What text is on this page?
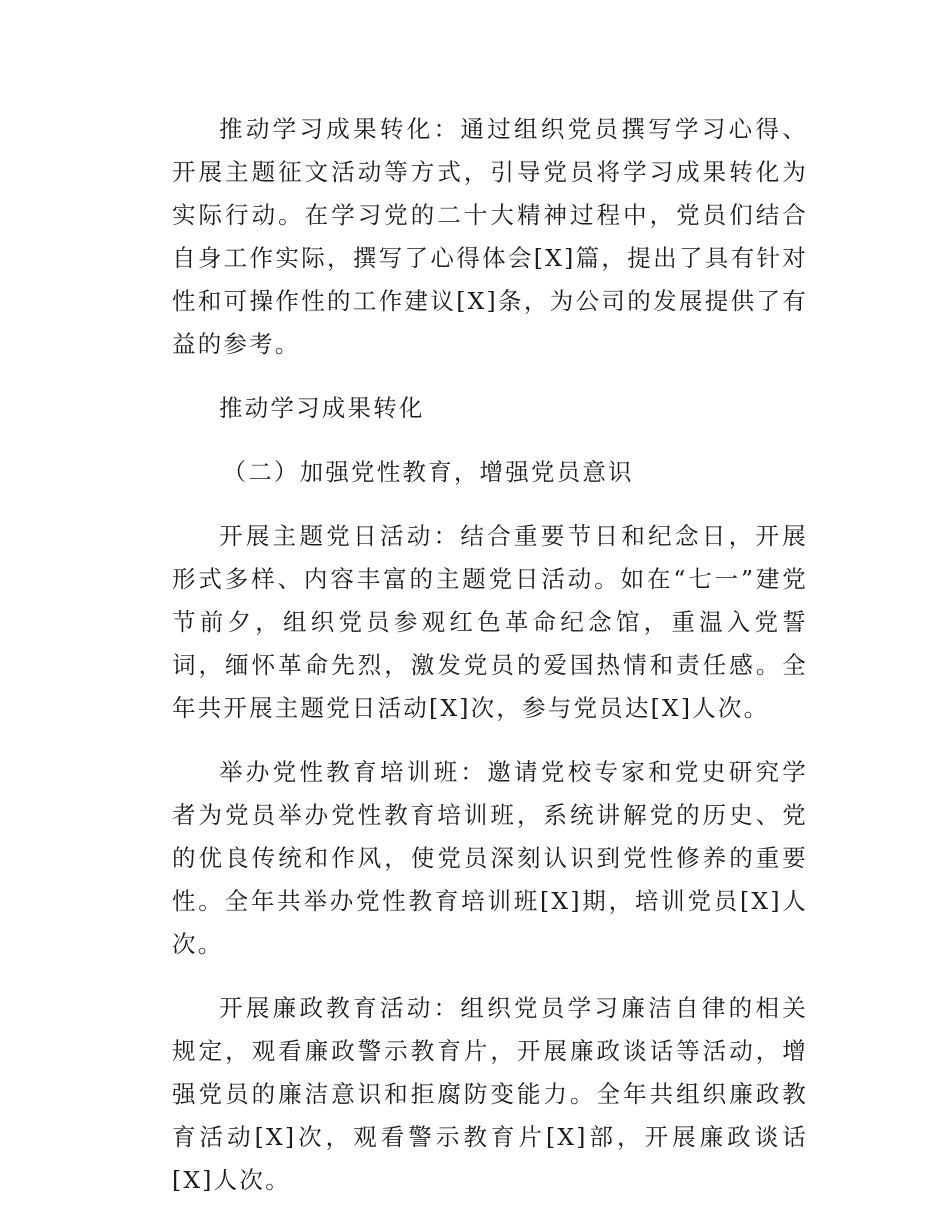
推动学习成果转化：通过组织党员撰写学习心得、开展主题征文活动等方式，引导党员将学习成果转化为实际行动。在学习党的二十大精神过程中，党员们结合自身工作实际，撰写了心得体会[X]篇，提出了具有针对性和可操作性的工作建议[X]条，为公司的发展提供了有益的参考。

推动学习成果转化

（二）加强党性教育，增强党员意识

开展主题党日活动：结合重要节日和纪念日，开展形式多样、内容丰富的主题党日活动。如在“七一”建党节前夕，组织党员参观红色革命纪念馆，重温入党誓词，缅怀革命先烈，激发党员的爱国热情和责任感。全年共开展主题党日活动[X]次，参与党员达[X]人次。

举办党性教育培训班：邀请党校专家和党史研究学者为党员举办党性教育培训班，系统讲解党的历史、党的优良传统和作风，使党员深刻认识到党性修养的重要性。全年共举办党性教育培训班[X]期，培训党员[X]人次。

开展廉政教育活动：组织党员学习廉洁自律的相关规定，观看廉政警示教育片，开展廉政谈话等活动，增强党员的廉洁意识和拒腐防变能力。全年共组织廉政教育活动[X]次，观看警示教育片[X]部，开展廉政谈话[X]人次。
